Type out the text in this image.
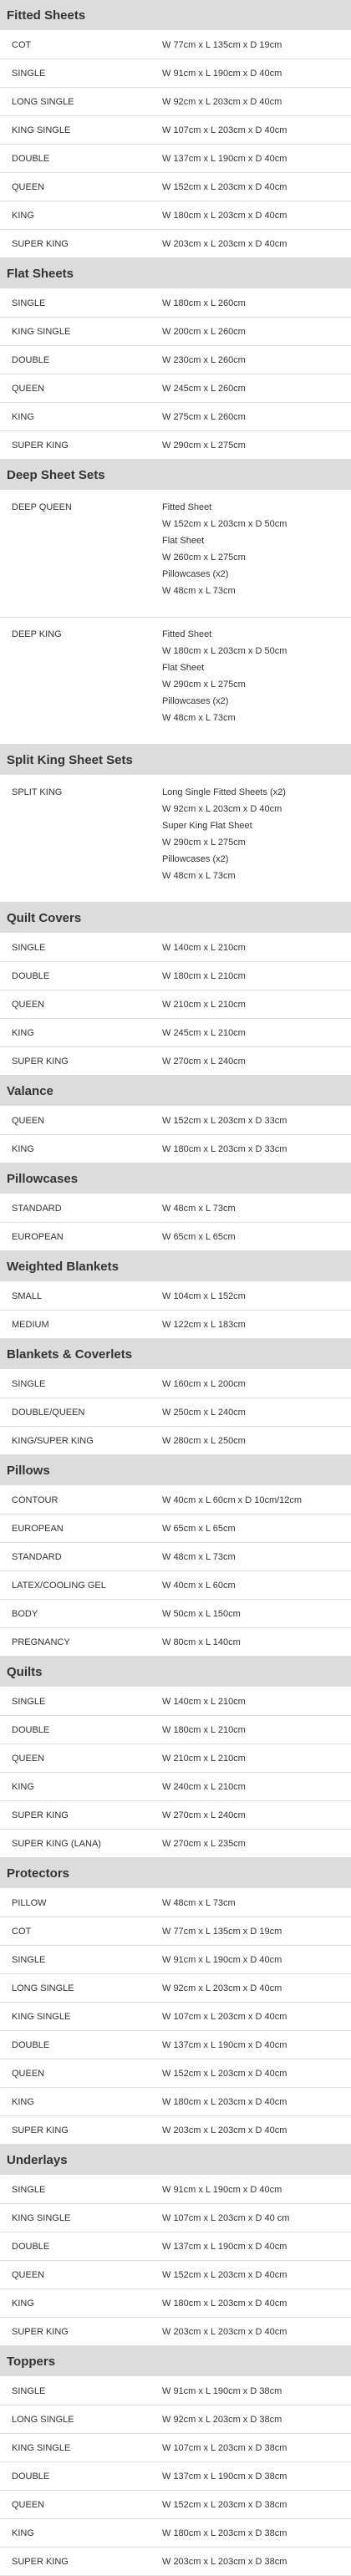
Fitted Sheets
COT	W 77cm x L 135cm x D 19cm
SINGLE	W 91cm x L 190cm x D 40cm
LONG SINGLE	W 92cm x L 203cm x D 40cm
KING SINGLE	W 107cm x L 203cm x D 40cm
DOUBLE	W 137cm x L 190cm x D 40cm
QUEEN	W 152cm x L 203cm x D 40cm
KING	W 180cm x L 203cm x D 40cm
SUPER KING	W 203cm x L 203cm x D 40cm
Flat Sheets
SINGLE	W 180cm x L 260cm
KING SINGLE	W 200cm x L 260cm
DOUBLE	W 230cm x L 260cm
QUEEN	W 245cm x L 260cm
KING	W 275cm x L 260cm
SUPER KING	W 290cm x L 275cm
Deep Sheet Sets
DEEP QUEEN	Fitted Sheet
W 152cm x L 203cm x D 50cm
Flat Sheet
W 260cm x L 275cm
Pillowcases (x2)
W 48cm x L 73cm
DEEP KING	Fitted Sheet
W 180cm x L 203cm x D 50cm
Flat Sheet
W 290cm x L 275cm
Pillowcases (x2)
W 48cm x L 73cm
Split King Sheet Sets
SPLIT KING	Long Single Fitted Sheets (x2)
W 92cm x L 203cm x D 40cm
Super King Flat Sheet
W 290cm x L 275cm
Pillowcases (x2)
W 48cm x L 73cm
Quilt Covers
SINGLE	W 140cm x L 210cm
DOUBLE	W 180cm x L 210cm
QUEEN	W 210cm x L 210cm
KING	W 245cm x L 210cm
SUPER KING	W 270cm x L 240cm
Valance
QUEEN	W 152cm x L 203cm x D 33cm
KING	W 180cm x L 203cm x D 33cm
Pillowcases
STANDARD	W 48cm x L 73cm
EUROPEAN	W 65cm x L 65cm
Weighted Blankets
SMALL	W 104cm x L 152cm
MEDIUM	W 122cm x L 183cm
Blankets & Coverlets
SINGLE	W 160cm x L 200cm
DOUBLE/QUEEN	W 250cm x L 240cm
KING/SUPER KING	W 280cm x L 250cm
Pillows
CONTOUR	W 40cm x L 60cm x D 10cm/12cm
EUROPEAN	W 65cm x L 65cm
STANDARD	W 48cm x L 73cm
LATEX/COOLING GEL	W 40cm x L 60cm
BODY	W 50cm x L 150cm
PREGNANCY	W 80cm x L 140cm
Quilts
SINGLE	W 140cm x L 210cm
DOUBLE	W 180cm x L 210cm
QUEEN	W 210cm x L 210cm
KING	W 240cm x L 210cm
SUPER KING	W 270cm x L 240cm
SUPER KING (LANA)	W 270cm x L 235cm
Protectors
PILLOW	W 48cm x L 73cm
COT	W 77cm x L 135cm x D 19cm
SINGLE	W 91cm x L 190cm x D 40cm
LONG SINGLE	W 92cm x L 203cm x D 40cm
KING SINGLE	W 107cm x L 203cm x D 40cm
DOUBLE	W 137cm x L 190cm x D 40cm
QUEEN	W 152cm x L 203cm x D 40cm
KING	W 180cm x L 203cm x D 40cm
SUPER KING	W 203cm x L 203cm x D 40cm
Underlays
SINGLE	W 91cm x L 190cm x D 40cm
KING SINGLE	W 107cm x L 203cm x D 40 cm
DOUBLE	W 137cm x L 190cm x D 40cm
QUEEN	W 152cm x L 203cm x D 40cm
KING	W 180cm x L 203cm x D 40cm
SUPER KING	W 203cm x L 203cm x D 40cm
Toppers
SINGLE	W 91cm x L 190cm x D 38cm
LONG SINGLE	W 92cm x L 203cm x D 38cm
KING SINGLE	W 107cm x L 203cm x D 38cm
DOUBLE	W 137cm x L 190cm x D 38cm
QUEEN	W 152cm x L 203cm x D 38cm
KING	W 180cm x L 203cm x D 38cm
SUPER KING	W 203cm x L 203cm x D 38cm
